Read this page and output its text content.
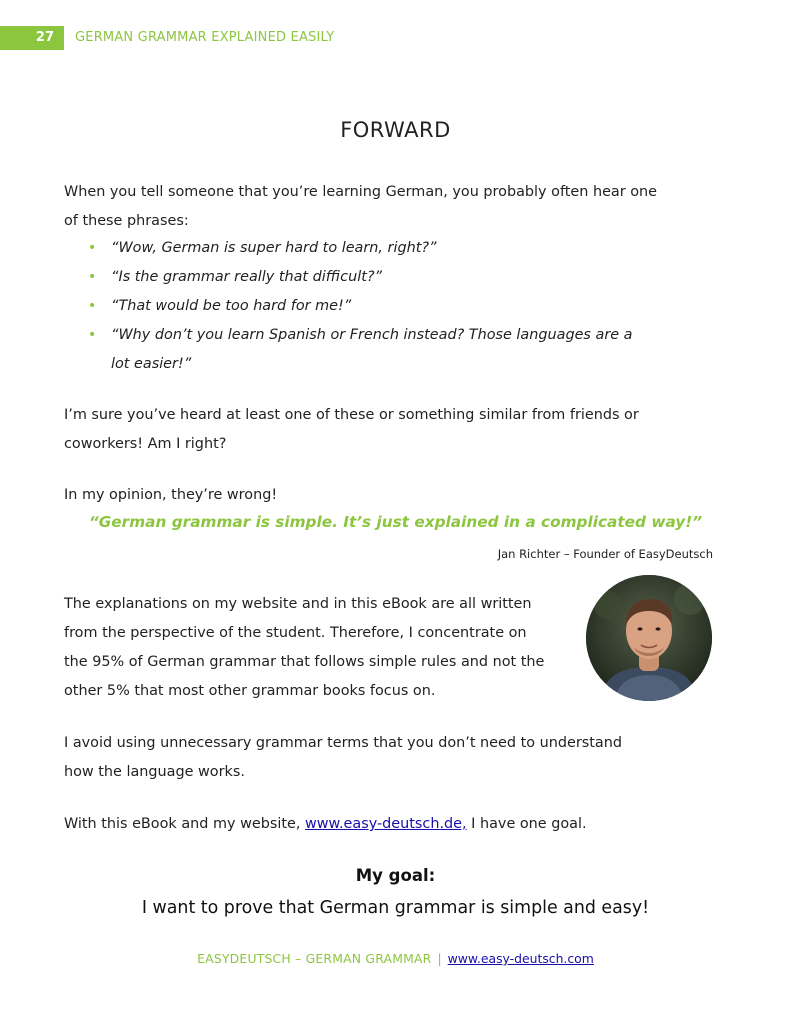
27	GERMAN GRAMMAR EXPLAINED EASILY
FORWARD
When you tell someone that you’re learning German, you probably often hear one
of these phrases:
• “Wow, German is super hard to learn, right?”
• “Is the grammar really that difficult?”
• “That would be too hard for me!”
• “Why don’t you learn Spanish or French instead? Those languages are a
lot easier!”
I’m sure you’ve heard at least one of these or something similar from friends or
coworkers! Am I right?
In my opinion, they’re wrong!
“German grammar is simple. It’s just explained in a complicated way!”
Jan Richter – Founder of EasyDeutsch
The explanations on my website and in this eBook are all written
from the perspective of the student. Therefore, I concentrate on
the 95% of German grammar that follows simple rules and not the
other 5% that most other grammar books focus on.
I avoid using unnecessary grammar terms that you don’t need to understand
how the language works.
With this eBook and my website, www.easy-deutsch.de, I have one goal.
My goal:
I want to prove that German grammar is simple and easy!
EASYDEUTSCH – GERMAN GRAMMAR | www.easy-deutsch.com
